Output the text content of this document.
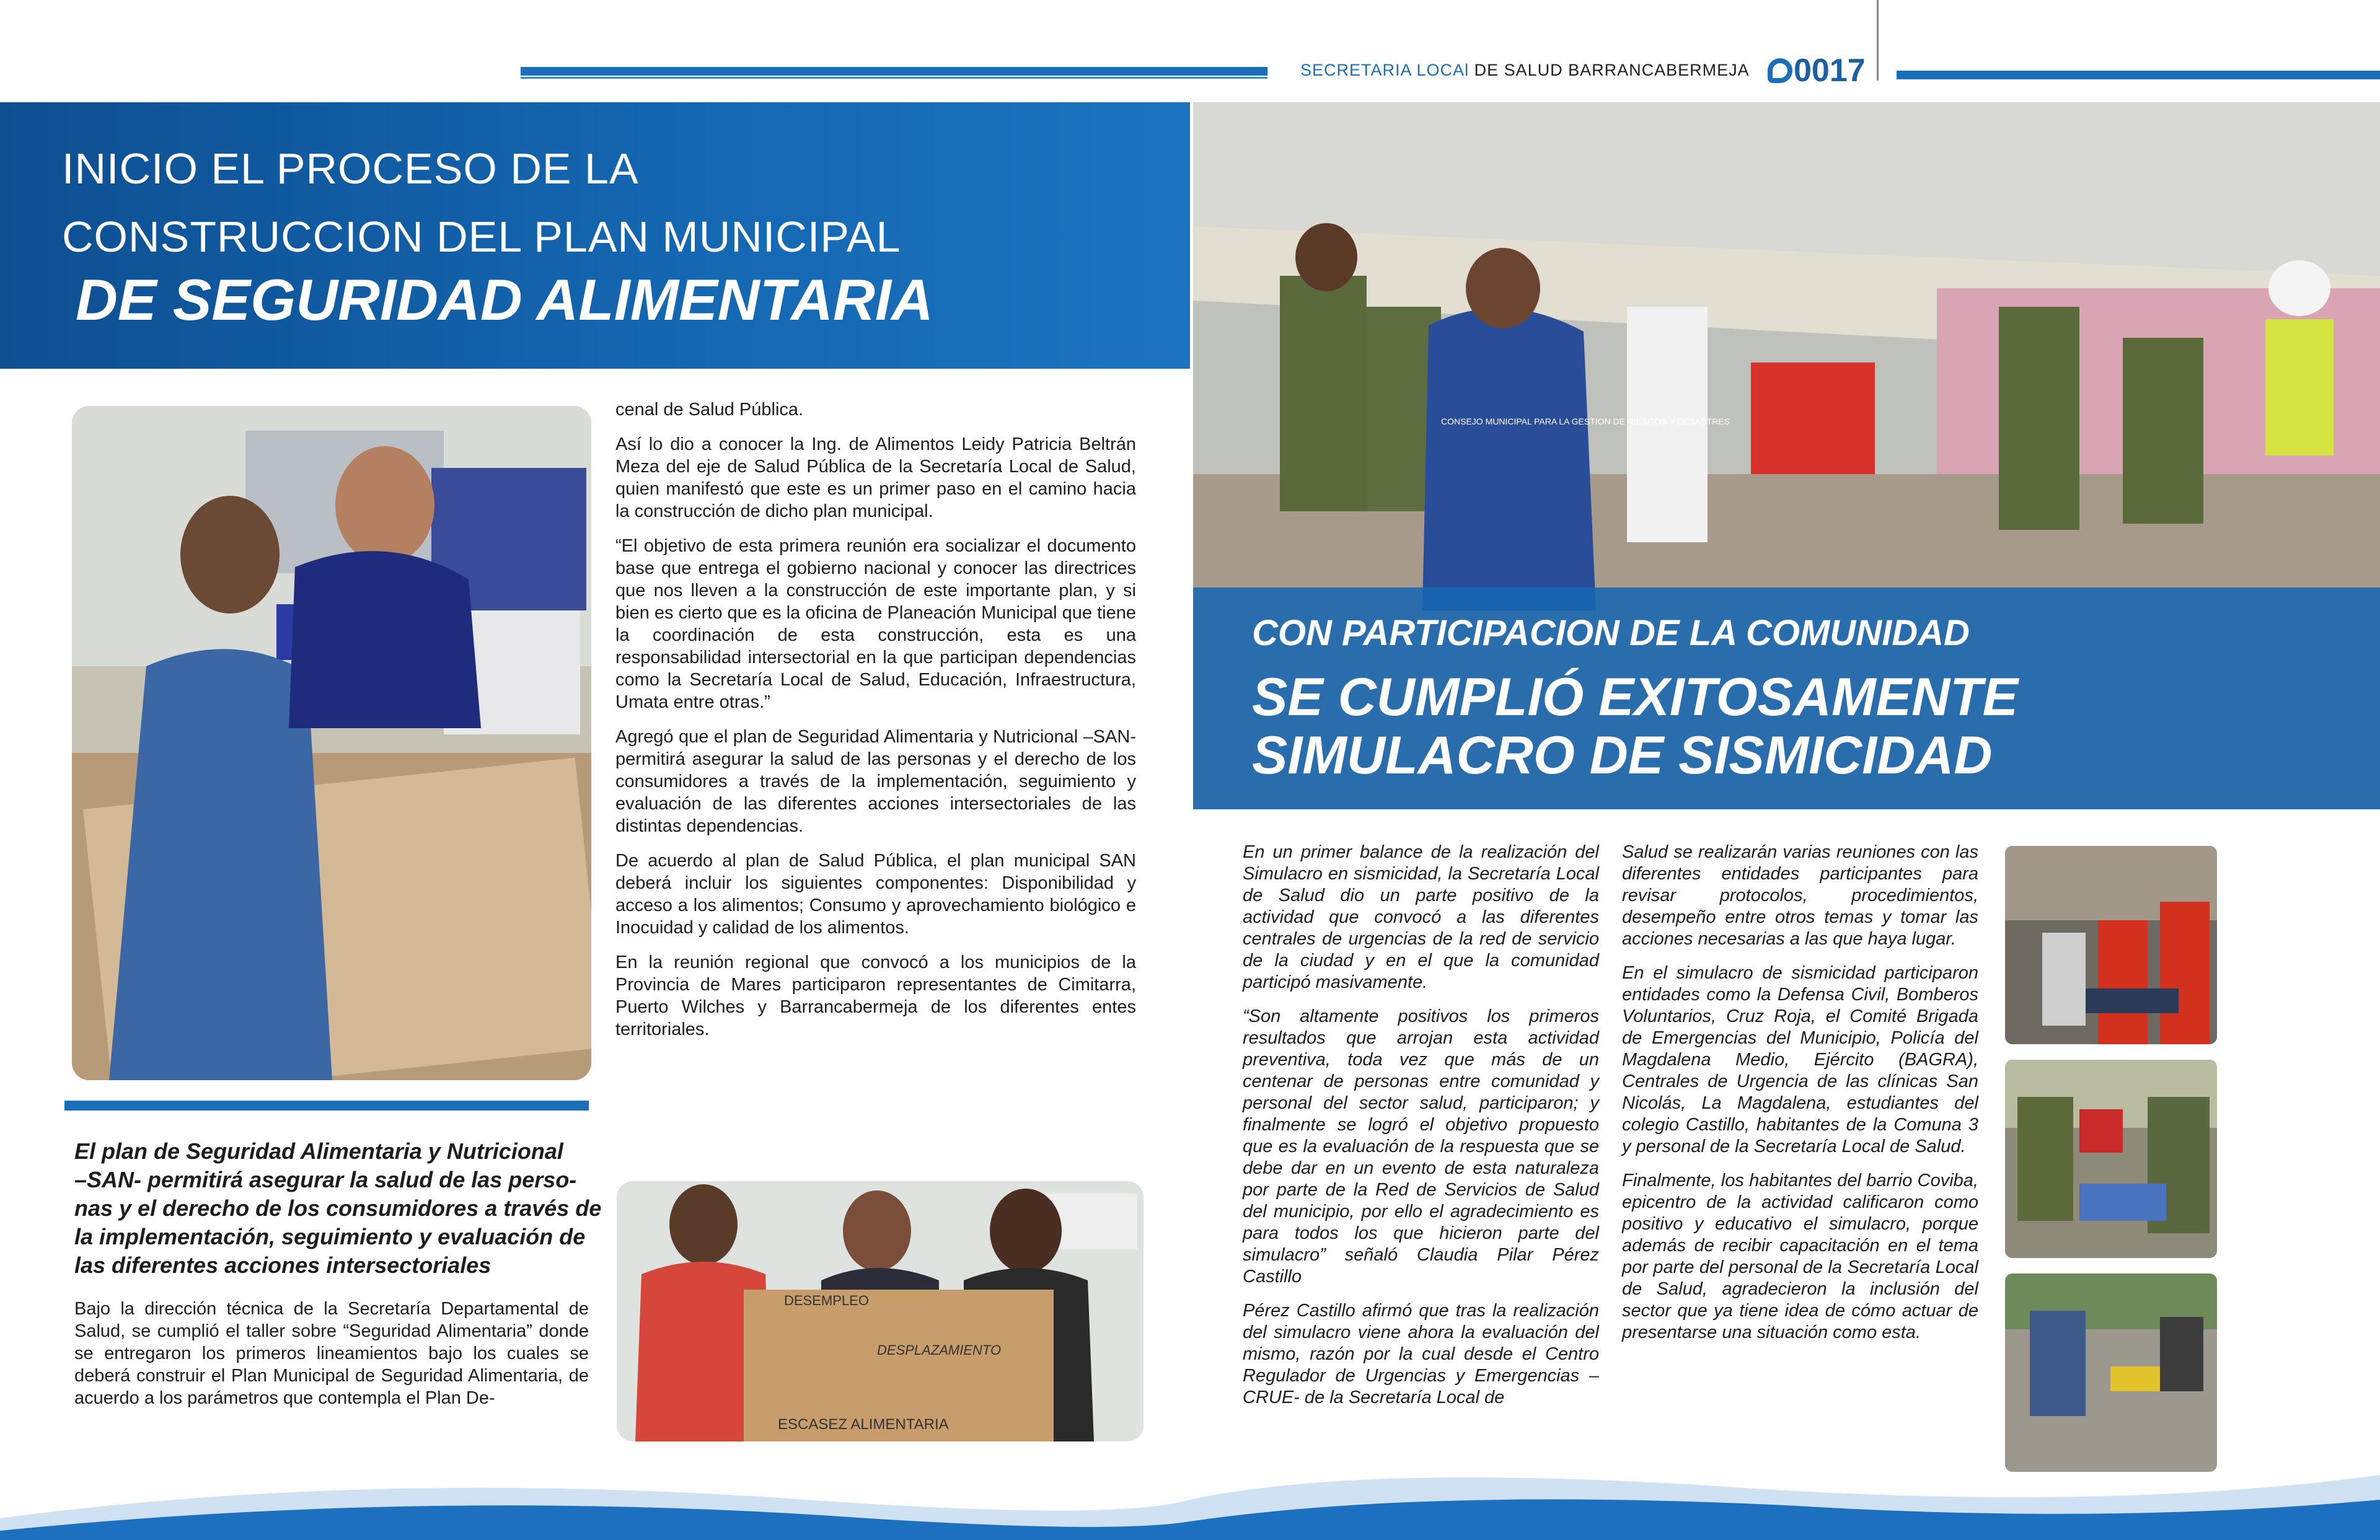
SECRETARIA LOCAl DE SALUD BARRANCABERMEJA 0017
INICIO EL PROCESO DE LA
CONSTRUCCION DEL PLAN MUNICIPAL
DE SEGURIDAD ALIMENTARIA
El plan de Seguridad Alimentaria y Nutricional
–SAN- permitirá asegurar la salud de las perso-
nas y el derecho de los consumidores a través de
la implementación, seguimiento y evaluación de
las diferentes acciones intersectoriales

Bajo la dirección técnica de la Secretaría Departamental de Salud, se cumplió el taller sobre “Seguridad Alimentaria” donde se entregaron los primeros lineamientos bajo los cuales se deberá construir el Plan Municipal de Seguridad Alimentaria, de acuerdo a los parámetros que contempla el Plan De-

cenal de Salud Pública.

Así lo dio a conocer la Ing. de Alimentos Leidy Patricia Beltrán Meza del eje de Salud Pública de la Secretaría Local de Salud, quien manifestó que este es un primer paso en el camino hacia la construcción de dicho plan municipal.

“El objetivo de esta primera reunión era socializar el documento base que entrega el gobierno nacional y conocer las directrices que nos lleven a la construcción de este importante plan, y si bien es cierto que es la oficina de Planeación Municipal que tiene la coordinación de esta construcción, esta es una responsabilidad intersectorial en la que participan dependencias como la Secretaría Local de Salud, Educación, Infraestructura, Umata entre otras.”

Agregó que el plan de Seguridad Alimentaria y Nutricional –SAN- permitirá asegurar la salud de las personas y el derecho de los consumidores a través de la implementación, seguimiento y evaluación de las diferentes acciones intersectoriales de las distintas dependencias.

De acuerdo al plan de Salud Pública, el plan municipal SAN deberá incluir los siguientes componentes: Disponibilidad y acceso a los alimentos; Consumo y aprovechamiento biológico e Inocuidad y calidad de los alimentos.

En la reunión regional que convocó a los municipios de la Provincia de Mares participaron representantes de Cimitarra, Puerto Wilches y Barrancabermeja de los diferentes entes territoriales.

DESEMPLEO
DESPLAZAMIENTO
ESCASEZ ALIMENTARIA
CONSEJO MUNICIPAL PARA LA GESTION DE RIESGOS Y DESASTRES
CON PARTICIPACION DE LA COMUNIDAD
SE CUMPLIÓ EXITOSAMENTE
SIMULACRO DE SISMICIDAD

En un primer balance de la realización del Simulacro en sismicidad, la Secretaría Local de Salud dio un parte positivo de la actividad que convocó a las diferentes centrales de urgencias de la red de servicio de la ciudad y en el que la comunidad participó masivamente.

“Son altamente positivos los primeros resultados que arrojan esta actividad preventiva, toda vez que más de un centenar de personas entre comunidad y personal del sector salud, participaron; y finalmente se logró el objetivo propuesto que es la evaluación de la respuesta que se debe dar en un evento de esta naturaleza por parte de la Red de Servicios de Salud del municipio, por ello el agradecimiento es para todos los que hicieron parte del simulacro” señaló Claudia Pilar Pérez Castillo

Pérez Castillo afirmó que tras la realización del simulacro viene ahora la evaluación del mismo, razón por la cual desde el Centro Regulador de Urgencias y Emergencias –CRUE- de la Secretaría Local de

Salud se realizarán varias reuniones con las diferentes entidades participantes para revisar protocolos, procedimientos, desempeño entre otros temas y tomar las acciones necesarias a las que haya lugar.

En el simulacro de sismicidad participaron entidades como la Defensa Civil, Bomberos Voluntarios, Cruz Roja, el Comité Brigada de Emergencias del Municipio, Policía del Magdalena Medio, Ejército (BAGRA), Centrales de Urgencia de las clínicas San Nicolás, La Magdalena, estudiantes del colegio Castillo, habitantes de la Comuna 3 y personal de la Secretaría Local de Salud.

Finalmente, los habitantes del barrio Coviba, epicentro de la actividad calificaron como positivo y educativo el simulacro, porque además de recibir capacitación en el tema por parte del personal de la Secretaría Local de Salud, agradecieron la inclusión del sector que ya tiene idea de cómo actuar de presentarse una situación como esta.
